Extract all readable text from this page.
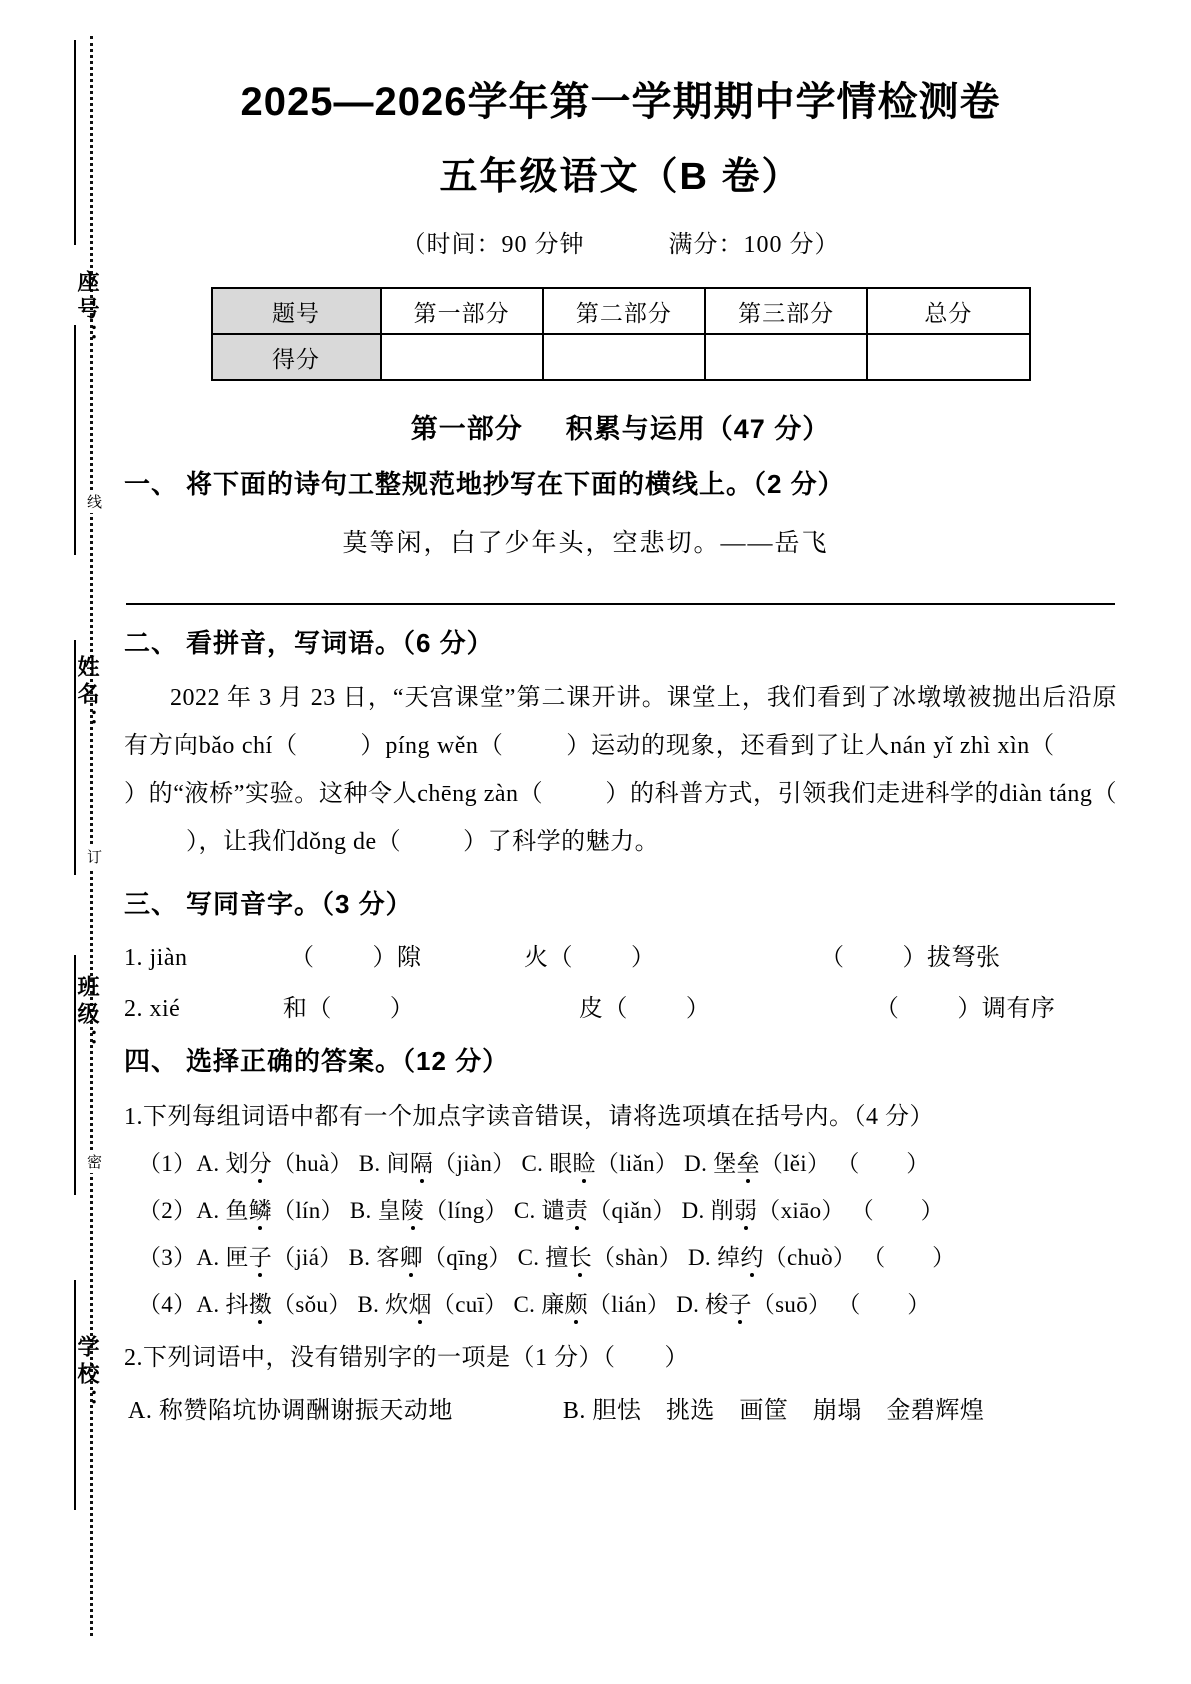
座号：
姓名：
班级：
学校：
线
订
密
2025—2026学年第一学期期中学情检测卷
五年级语文（B 卷）
（时间：90 分钟	满分：100 分）
题号	第一部分	第二部分	第三部分	总分
得分				
第一部分 积累与运用（47 分）
一、 将下面的诗句工整规范地抄写在下面的横线上。（2 分）
莫等闲，白了少年头，空悲切。——岳飞
二、 看拼音，写词语。（6 分）
2022 年 3 月 23 日，“天宫课堂”第二课开讲。课堂上，我们看到了冰墩墩被抛出后沿原有方向bǎo chí（	）píng wěn（	）运动的现象，还看到了让人nán yǐ zhì xìn（）的“液桥”实验。这种令人chēng zàn（	）的科普方式，引领我们走进科学的diàn táng（），让我们dǒng de（	）了科学的魅力。
三、 写同音字。（3 分）
1. jiàn	（ ）隙	火（ ）	（ ）拔弩张
2. xié	和（ ）	皮（ ）	（ ）调有序
四、 选择正确的答案。（12 分）
1.下列每组词语中都有一个加点字读音错误，请将选项填在括号内。（4 分）
（1）A. 划分（huà） B. 间隔（jiàn） C. 眼睑（liǎn） D. 堡垒（lěi） （　　）
（2）A. 鱼鳞（lín） B. 皇陵（líng） C. 谴责（qiǎn） D. 削弱（xiāo） （　　）
（3）A. 匣子（jiá） B. 客卿（qīng） C. 擅长（shàn） D. 绰约（chuò） （　　）
（4）A. 抖擞（sǒu） B. 炊烟（cuī） C. 廉颇（lián） D. 梭子（suō） （　　）
2.下列词语中，没有错别字的一项是（1 分）（　　）
A. 称赞陷坑协调酬谢振天动地	B. 胆怯　挑选　画筐　崩塌　金碧辉煌
